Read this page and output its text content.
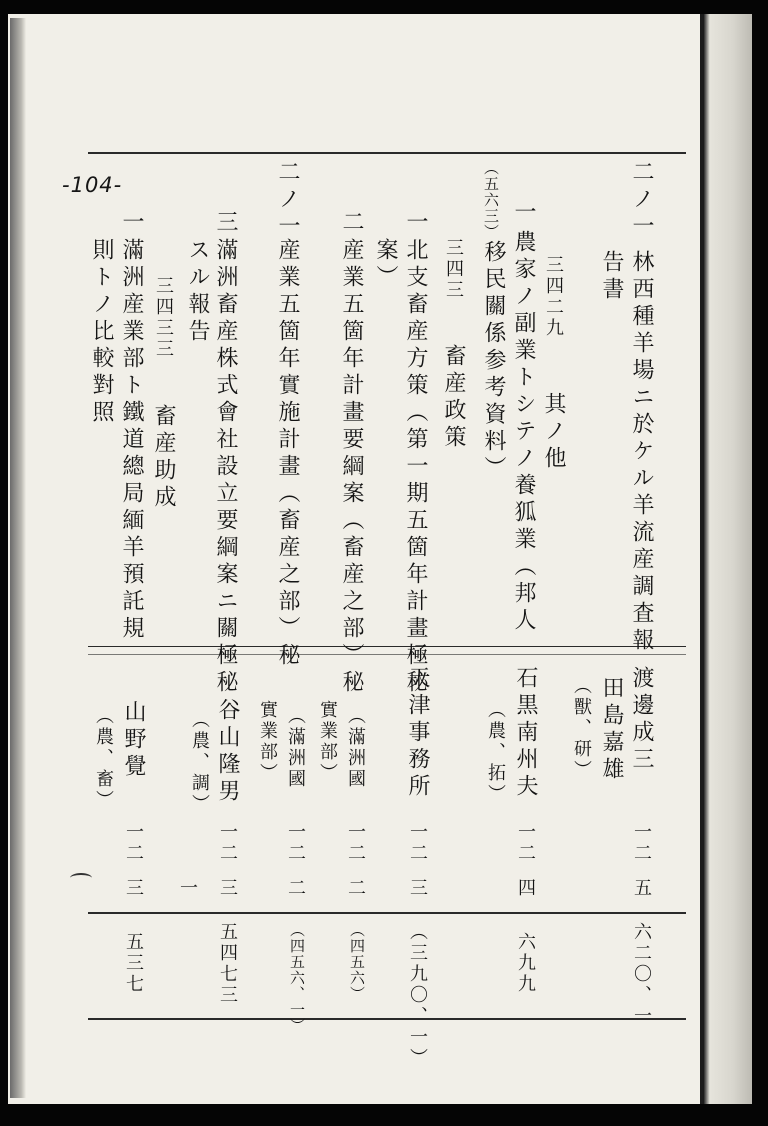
-104-	二ノ一
林西種羊場ニ於ケル羊流産調査報
告書
渡邊成三
田島嘉雄
（獸、研）
一二
五
六二〇、一
三四二九
其ノ他
（五六三） 一
農家ノ副業トシテノ養狐業（邦人
移民關係参考資料）
石黒南州夫
（農、拓）
一二
四
六九九
三四三
畜産政策
一
北支畜産方策（第一期五箇年計畫極秘
案）
天津事務所
一二
三
（三九〇、一）
二
産業五箇年計畫要綱案（畜産之部）秘
（滿洲國
實業部）
一二
二
（四五六）
二ノ一
産業五箇年實施計畫（畜産之部）秘
（滿洲國
實業部）
一二
二
（四五六、一）
三
滿洲畜産株式會社設立要綱案ニ關極秘
スル報告
谷山隆男
（農、調）
一二
三
五四七三
三四三三
畜産助成
一
一
滿洲産業部ト鐵道總局緬羊預託規
則トノ比較對照
山野覺
（農、畜）
一二
三
五三七
